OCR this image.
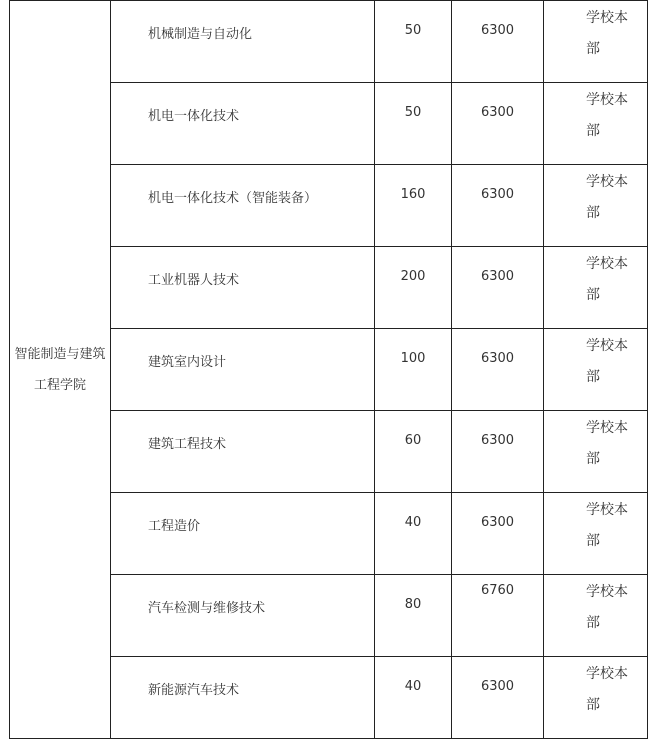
智能制造与建筑工程学院	机械制造与自动化	50	6300	学校本部

	机电一体化技术	50	6300	学校本部

	机电一体化技术（智能装备）	160	6300	学校本部

	工业机器人技术	200	6300	学校本部

	建筑室内设计	100	6300	学校本部

	建筑工程技术	60	6300	学校本部

	工程造价	40	6300	学校本部

	汽车检测与维修技术	80	6760	学校本部

	新能源汽车技术	40	6300	学校本部
